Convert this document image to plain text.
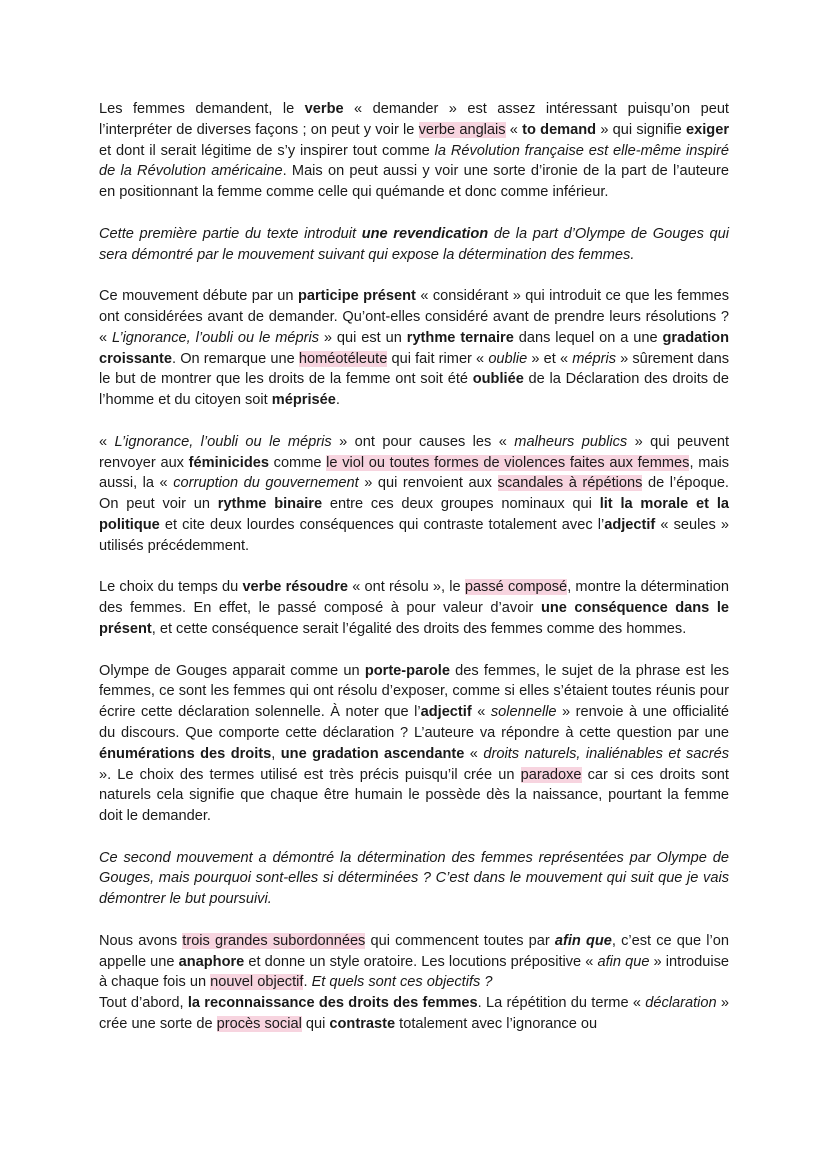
Les femmes demandent, le verbe « demander » est assez intéressant puisqu’on peut l’interpréter de diverses façons ; on peut y voir le verbe anglais « to demand » qui signifie exiger et dont il serait légitime de s’y inspirer tout comme la Révolution française est elle-même inspiré de la Révolution américaine. Mais on peut aussi y voir une sorte d’ironie de la part de l’auteure en positionnant la femme comme celle qui quémande et donc comme inférieur.

Cette première partie du texte introduit une revendication de la part d’Olympe de Gouges qui sera démontré par le mouvement suivant qui expose la détermination des femmes.

Ce mouvement débute par un participe présent « considérant » qui introduit ce que les femmes ont considérées avant de demander. Qu’ont-elles considéré avant de prendre leurs résolutions ? « L’ignorance, l’oubli ou le mépris » qui est un rythme ternaire dans lequel on a une gradation croissante. On remarque une homéotéleute qui fait rimer « oublie » et « mépris » sûrement dans le but de montrer que les droits de la femme ont soit été oubliée de la Déclaration des droits de l’homme et du citoyen soit méprisée.

« L’ignorance, l’oubli ou le mépris » ont pour causes les « malheurs publics » qui peuvent renvoyer aux féminicides comme le viol ou toutes formes de violences faites aux femmes, mais aussi, la « corruption du gouvernement » qui renvoient aux scandales à répétions de l’époque. On peut voir un rythme binaire entre ces deux groupes nominaux qui lit la morale et la politique et cite deux lourdes conséquences qui contraste totalement avec l’adjectif « seules » utilisés précédemment.

Le choix du temps du verbe résoudre « ont résolu », le passé composé, montre la détermination des femmes. En effet, le passé composé à pour valeur d’avoir une conséquence dans le présent, et cette conséquence serait l’égalité des droits des femmes comme des hommes.

Olympe de Gouges apparait comme un porte-parole des femmes, le sujet de la phrase est les femmes, ce sont les femmes qui ont résolu d’exposer, comme si elles s’étaient toutes réunis pour écrire cette déclaration solennelle. À noter que l’adjectif « solennelle » renvoie à une officialité du discours. Que comporte cette déclaration ? L’auteure va répondre à cette question par une énumérations des droits, une gradation ascendante « droits naturels, inaliénables et sacrés ». Le choix des termes utilisé est très précis puisqu’il crée un paradoxe car si ces droits sont naturels cela signifie que chaque être humain le possède dès la naissance, pourtant la femme doit le demander.

Ce second mouvement a démontré la détermination des femmes représentées par Olympe de Gouges, mais pourquoi sont-elles si déterminées ? C’est dans le mouvement qui suit que je vais démontrer le but poursuivi.

Nous avons trois grandes subordonnées qui commencent toutes par afin que, c’est ce que l’on appelle une anaphore et donne un style oratoire. Les locutions prépositive « afin que » introduise à chaque fois un nouvel objectif. Et quels sont ces objectifs ?

Tout d’abord, la reconnaissance des droits des femmes. La répétition du terme « déclaration » crée une sorte de procès social qui contraste totalement avec l’ignorance ou
